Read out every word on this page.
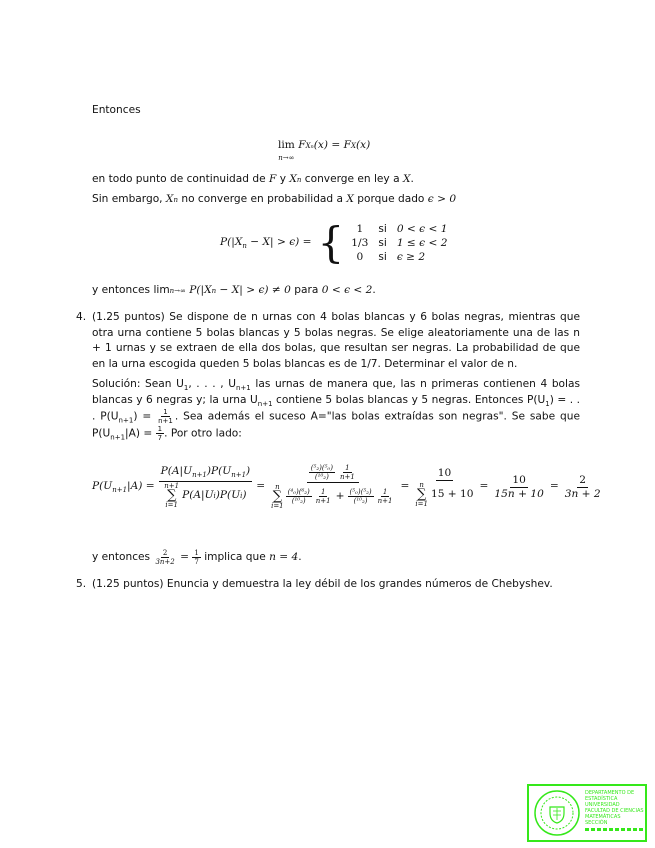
Entonces
lim
$^{n\to\infty}$ FXn(x) = FX(x)
en todo punto de continuidad de F y Xn converge en ley a X.
Sin embargo, Xn no converge en probabilidad a X porque dado ϵ > 0
P(|X n − X| > ϵ) = { 1	si	0 < ϵ < 1
1/3	si	1 ≤ ϵ < 2
0	si	ϵ ≥ 2
y entonces limn→∞ P(|Xn − X| > ϵ) ≠ 0 para 0 < ϵ < 2.
4. (1.25 puntos) Se dispone de n urnas con 4 bolas blancas y 6 bolas negras, mientras que otra urna contiene 5 bolas blancas y 5 bolas negras. Se elige aleatoriamente una de las n + 1 urnas y se extraen de ella dos bolas, que resultan ser negras. La probabilidad de que en la urna escogida queden 5 bolas blancas es de 1/7. Determinar el valor de n.
Solución: Sean $U_1$, . . . , $U_{n+1}$ las urnas de manera que, las n primeras contienen 4 bolas blancas y 6 negras y; la urna $U_{n+1}$ contiene 5 bolas blancas y 5 negras. Entonces $P(U_1)$ = . . . $P(U_{n+1}) = \frac{1}{n+1}$ . Sea además el suceso A="las bolas extraídas son negras". Se sabe que $P(U_{n+1}|A) = \frac{1}{7}$ . Por otro lado:
$P(U_{n+1}|A) = P(A|U_{n+1})P(U_{n+1})$
n+1
∑
i=1
P(A|U i )P(U i ) =
$\frac{\text{(⁵₂)(⁵₀)}}{\text{(¹⁰₂)}} \frac{1}{n+1}$
n
∑
i=1
$\frac{\text{(⁴₀)(⁶₂)}}{\text{(¹⁰₂)}} \frac{1}{n+1} + \frac{\text{(⁵₀)(⁵₂)}}{\text{(¹⁰₂)}} \frac{1}{n+1}$
= 10
n
∑
i=1
$15 + 10 = \frac{10}{15n + 10} = \frac{2}{3n + 2}$
y entonces $\frac{2}{3n+2} = \frac{1}{7}$ implica que n = 4 .
5. (1.25 puntos) Enuncia y demuestra la ley débil de los grandes números de Chebyshev.
DEPARTAMENTO DE ESTADÍSTICA
UNIVERSIDAD
FACULTAD DE CIENCIAS
MATEMÁTICAS
SECCIÓN
